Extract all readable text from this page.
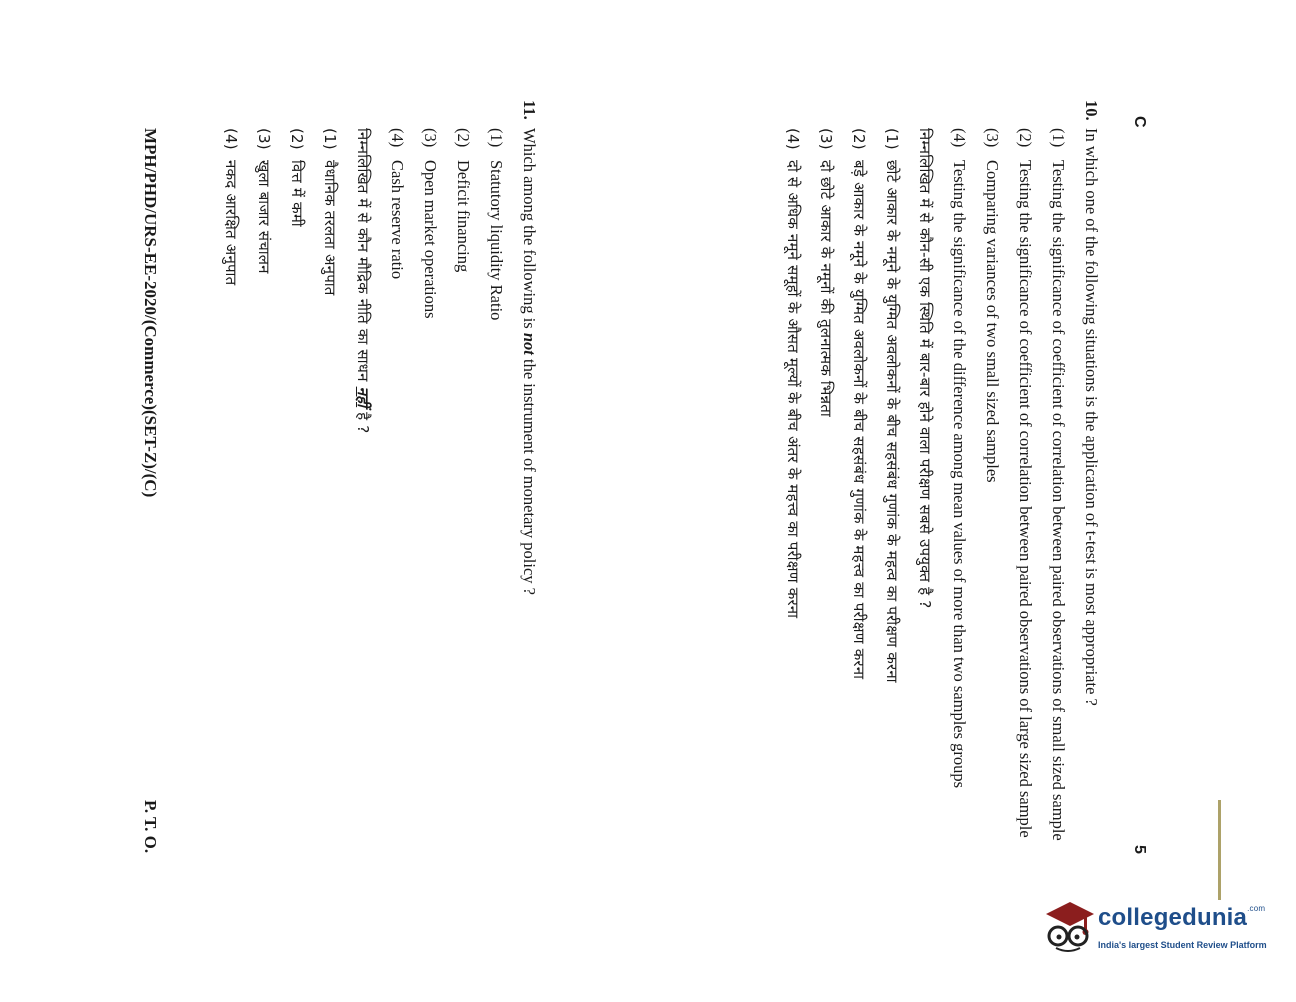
C
5
10.
In which one of the following situations is the application of t-test is most appropriate ?
(1)
Testing the significance of coefficient of correlation between paired observations of small sized sample
(2)
Testing the significance of coefficient of correlation between paired observations of large sized sample
(3)
Comparing variances of two small sized samples
(4)
Testing the significance of the difference among mean values of more than two samples groups
निम्नलिखित में से कौन-सी एक स्थिति में बार-बार होने वाला परीक्षण सबसे उपयुक्त है ?
(1)
छोटे आकार के नमूने के युग्मित अवलोकनों के बीच सहसंबंध गुणांक के महत्व का परीक्षण करना
(2)
बड़े आकार के नमूने के युग्मित अवलोकनों के बीच सहसंबंध गुणांक के महत्त्व का परीक्षण करना
(3)
दो छोटे आकार के नमूनों की तुलनात्मक भिन्नता
(4)
दो से अधिक नमूने समूहों के औसत मूल्यों के बीच अंतर के महत्त्व का परीक्षण करना
11.
Which among the following is not the instrument of monetary policy ?
(1)
Statutory liquidity Ratio
(2)
Deficit financing
(3)
Open market operations
(4)
Cash reserve ratio
निम्नलिखित में से कौन मौद्रिक नीति का साधन नहीं है ?
(1)
वैधानिक तरलता अनुपात
(2)
वित्त में कमी
(3)
खुला बाजार संचालन
(4)
नकद आरक्षित अनुपात
MPH/PHD/URS-EE-2020/(Commerce)(SET-Z)/(C)
P. T. O.
collegedunia$^{.com}$
India's largest Student Review Platform
